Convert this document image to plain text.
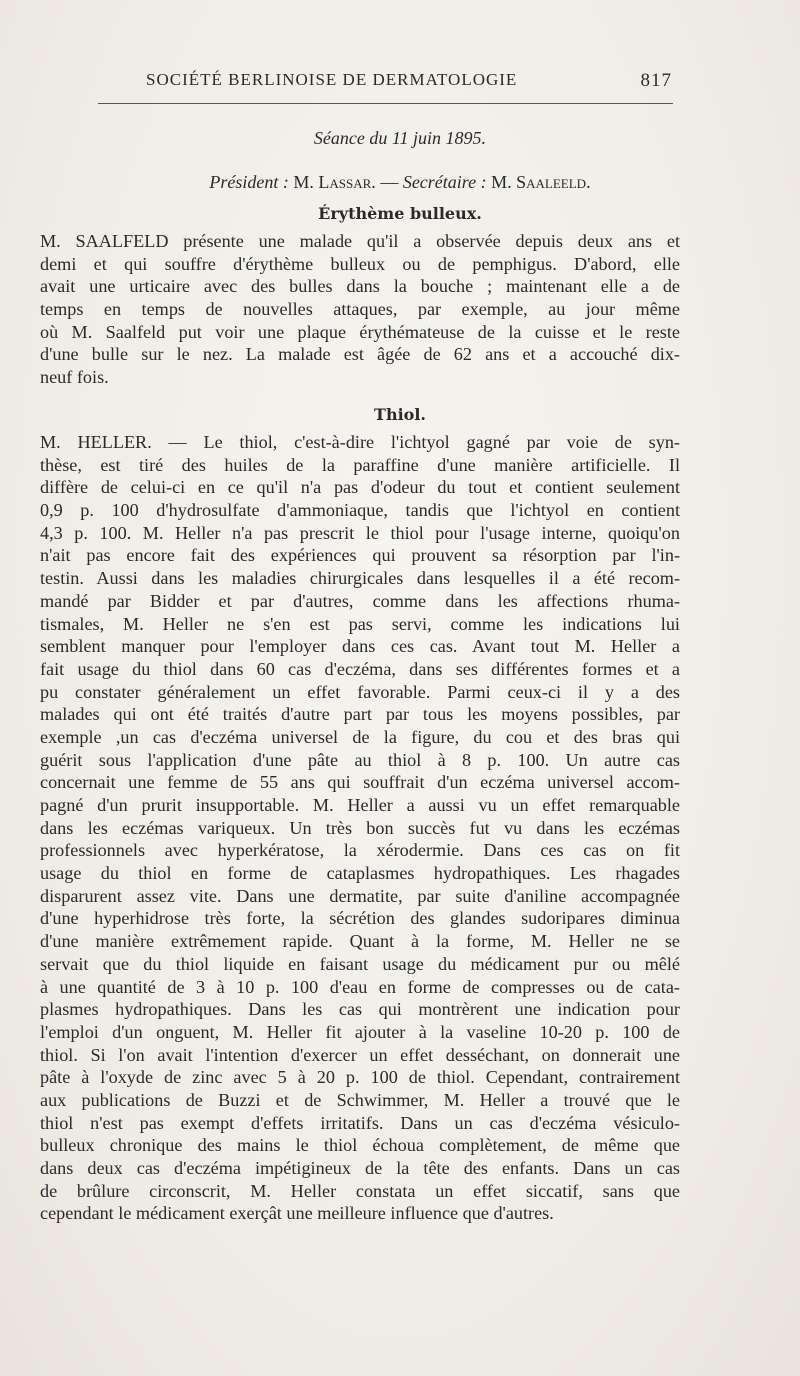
SOCIÉTÉ BERLINOISE DE DERMATOLOGIE	817
Séance du 11 juin 1895.
Président : M. Lassar. — Secrétaire : M. Saaleeld.
Érythème bulleux.
M. SAALFELD présente une malade qu'il a observée depuis deux ans et
demi et qui souffre d'érythème bulleux ou de pemphigus. D'abord, elle
avait une urticaire avec des bulles dans la bouche ; maintenant elle a de
temps en temps de nouvelles attaques, par exemple, au jour même
où M. Saalfeld put voir une plaque érythémateuse de la cuisse et le reste
d'une bulle sur le nez. La malade est âgée de 62 ans et a accouché dix-
neuf fois.
Thiol.
M. HELLER. — Le thiol, c'est-à-dire l'ichtyol gagné par voie de syn-
thèse, est tiré des huiles de la paraffine d'une manière artificielle. Il
diffère de celui-ci en ce qu'il n'a pas d'odeur du tout et contient seulement
0,9 p. 100 d'hydrosulfate d'ammoniaque, tandis que l'ichtyol en contient
4,3 p. 100. M. Heller n'a pas prescrit le thiol pour l'usage interne, quoiqu'on
n'ait pas encore fait des expériences qui prouvent sa résorption par l'in-
testin. Aussi dans les maladies chirurgicales dans lesquelles il a été recom-
mandé par Bidder et par d'autres, comme dans les affections rhuma-
tismales, M. Heller ne s'en est pas servi, comme les indications lui
semblent manquer pour l'employer dans ces cas. Avant tout M. Heller a
fait usage du thiol dans 60 cas d'eczéma, dans ses différentes formes et a
pu constater généralement un effet favorable. Parmi ceux-ci il y a des
malades qui ont été traités d'autre part par tous les moyens possibles, par
exemple ,un cas d'eczéma universel de la figure, du cou et des bras qui
guérit sous l'application d'une pâte au thiol à 8 p. 100. Un autre cas
concernait une femme de 55 ans qui souffrait d'un eczéma universel accom-
pagné d'un prurit insupportable. M. Heller a aussi vu un effet remarquable
dans les eczémas variqueux. Un très bon succès fut vu dans les eczémas
professionnels avec hyperkératose, la xérodermie. Dans ces cas on fit
usage du thiol en forme de cataplasmes hydropathiques. Les rhagades
disparurent assez vite. Dans une dermatite, par suite d'aniline accompagnée
d'une hyperhidrose très forte, la sécrétion des glandes sudoripares diminua
d'une manière extrêmement rapide. Quant à la forme, M. Heller ne se
servait que du thiol liquide en faisant usage du médicament pur ou mêlé
à une quantité de 3 à 10 p. 100 d'eau en forme de compresses ou de cata-
plasmes hydropathiques. Dans les cas qui montrèrent une indication pour
l'emploi d'un onguent, M. Heller fit ajouter à la vaseline 10-20 p. 100 de
thiol. Si l'on avait l'intention d'exercer un effet desséchant, on donnerait une
pâte à l'oxyde de zinc avec 5 à 20 p. 100 de thiol. Cependant, contrairement
aux publications de Buzzi et de Schwimmer, M. Heller a trouvé que le
thiol n'est pas exempt d'effets irritatifs. Dans un cas d'eczéma vésiculo-
bulleux chronique des mains le thiol échoua complètement, de même que
dans deux cas d'eczéma impétigineux de la tête des enfants. Dans un cas
de brûlure circonscrit, M. Heller constata un effet siccatif, sans que
cependant le médicament exerçât une meilleure influence que d'autres.
